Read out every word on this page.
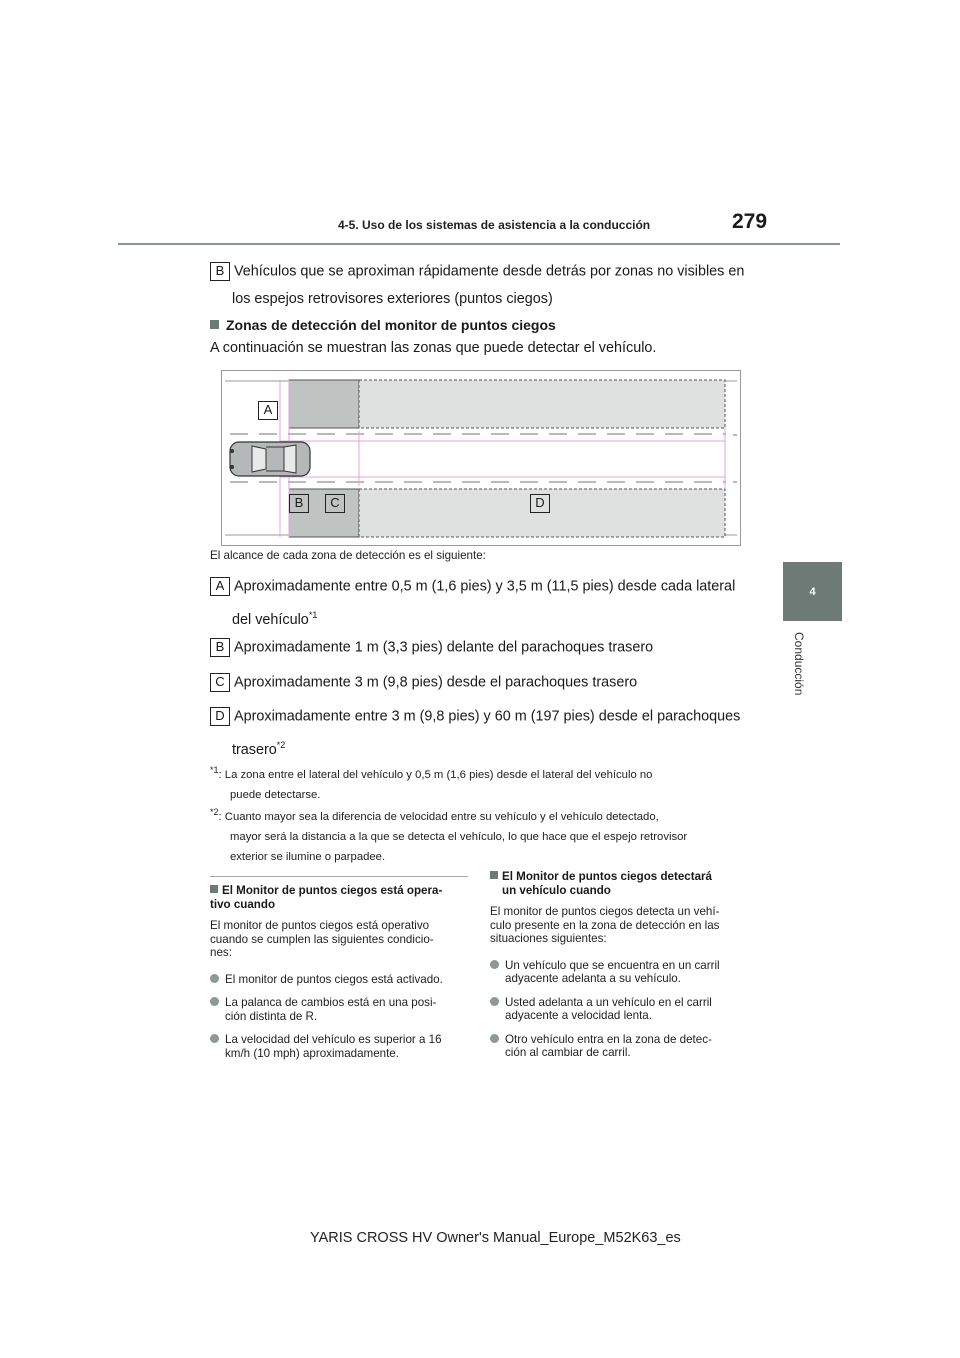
4-5. Uso de los sistemas de asistencia a la conducción	279
4
Conducción
B Vehículos que se aproximan rápidamente desde detrás por zonas no visibles en
los espejos retrovisores exteriores (puntos ciegos)
Zonas de detección del monitor de puntos ciegos
A continuación se muestran las zonas que puede detectar el vehículo.
A
B	C	D
El alcance de cada zona de detección es el siguiente:
A Aproximadamente entre 0,5 m (1,6 pies) y 3,5 m (11,5 pies) desde cada lateral
del vehículo$^{*1}$
B Aproximadamente 1 m (3,3 pies) delante del parachoques trasero
C Aproximadamente 3 m (9,8 pies) desde el parachoques trasero
D Aproximadamente entre 3 m (9,8 pies) y 60 m (197 pies) desde el parachoques
trasero$^{*2}$
$^{*1}$: La zona entre el lateral del vehículo y 0,5 m (1,6 pies) desde el lateral del vehículo no
puede detectarse.
$^{*2}$: Cuanto mayor sea la diferencia de velocidad entre su vehículo y el vehículo detectado,
mayor será la distancia a la que se detecta el vehículo, lo que hace que el espejo retrovisor
exterior se ilumine o parpadee.
El Monitor de puntos ciegos está opera-
tivo cuando
El monitor de puntos ciegos está operativo
cuando se cumplen las siguientes condicio-
nes:
El monitor de puntos ciegos está activado.
La palanca de cambios está en una posi-
ción distinta de R.
La velocidad del vehículo es superior a 16
km/h (10 mph) aproximadamente.
El Monitor de puntos ciegos detectará
un vehículo cuando
El monitor de puntos ciegos detecta un vehí-
culo presente en la zona de detección en las
situaciones siguientes:
Un vehículo que se encuentra en un carril
adyacente adelanta a su vehículo.
Usted adelanta a un vehículo en el carril
adyacente a velocidad lenta.
Otro vehículo entra en la zona de detec-
ción al cambiar de carril.
YARIS CROSS HV Owner's Manual_Europe_M52K63_es
